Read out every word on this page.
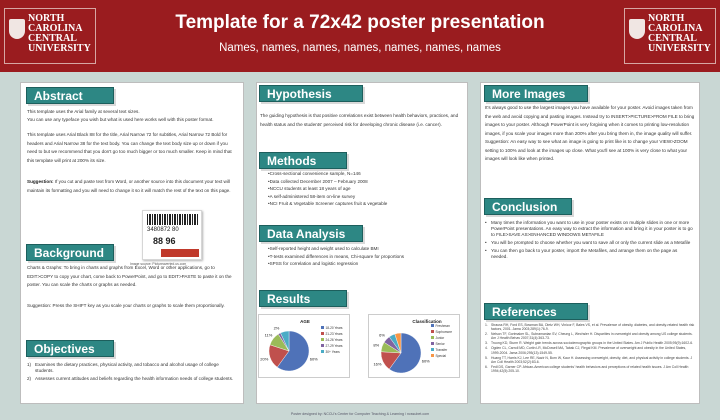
NORTH CAROLINA CENTRAL UNIVERSITY
Template for a 72x42 poster presentation
Names, names, names, names, names, names, names
NORTH CAROLINA CENTRAL UNIVERSITY
Abstract
This template uses the Arial family at several text sizes.
You can use any typeface you wish but what is used here works well with this poster format.
This template uses Arial Black 88 for the title, Arial Narrow 72 for subtitles, Arial Narrow 72 Bold for headers and Arial Narrow 38 for the text body. You can change the text body size up or down if you need to but we recommend that you don't go too much bigger or too much smaller. Keep in mind that this template will print at 200% its size.
Suggestion: If you cut and paste text from Word, or another source into this document your text will maintain its formatting and you will need to change it so it will match the rest of the text on this page.
3480872 80
88 96
Image source: Pictureaverted.us.com
Background
Charts & Graphs: To bring in charts and graphs from Excel, Word or other applications, go to EDIT>COPY to copy your chart, come back to PowerPoint, and go to EDIT>PASTE to paste it on the poster. You can scale the charts or graphs as needed.
Suggestion: Press the SHIFT key as you scale your charts or graphs to scale them proportionally.
Objectives
1) Examines the dietary practices, physical activity, and tobacco and alcohol usage of college students.
2) Assesses current attitudes and beliefs regarding the health information needs of college students.
Hypothesis
The guiding hypothesis is that positive correlations exist between health behaviors, practices, and health status and the students' perceived risk for developing chronic disease (i.e. cancer).
Methods
• Cross-sectional convenience sample, N=146
• Data collected December 2007 – February 2008
• NCCU students at least 18 years of age
• A self-administered 58-item on-line survey
• NCI Fruit & Vegetable Screener captures fruit & vegetable
Data Analysis
• Self-reported height and weight used to calculate BMI
• T-tests examined differences in means, Chi-square for proportions
• SPSS for correlation and logistic regression
Results
AGE
60%
20%
11%
2%	18-20 Years
21-23 Years
24-26 Years
27-29 Years
30+ Years
Classification
60%
16%
8%
6%
Freshman
Sophomore
Junior
Senior
Transfer
Special
More Images
It's always good to use the largest images you have available for your poster. Avoid images taken from the web and avoid copying and pasting images. Instead try to INSERT>PICTURE>FROM FILE to bring images to your poster. Although PowerPoint is very forgiving when it comes to printing low-resolution images, if you scale your images more than 200% after you bring them in, the image quality will suffer. Suggestion: An easy way to see what an image is going to print like is to change your VIEW>ZOOM setting to 100% and look at the images up close. What you'll see at 100% is very close to what your images will look like when printed.
Conclusion
• Many times the information you want to use in your poster exists on multiple slides in one or more PowerPoint presentations. An easy way to extract the information and bring it in your poster is to go to FILE>SAVE AS>ENHANCED WINDOWS METAFILE
• You will be prompted to choose whether you want to save all or only the current slide as a Metafile
• You can then go back to your poster, import the Metafiles, and arrange them on the page as needed.
References
1. Strauss RH, Ford ES, Bowman BA, Dietz WH, Vinicor F, Bales VS, et al. Prevalence of obesity, diabetes, and obesity-related health risk factors, 2001. Jama 2003;289(1):76-9.
2. Nelson TF, Gortmaker SL, Subramanian SV, Cheung L, Wechsler H. Disparities in overweight and obesity among US college students. Am J Health Behav 2007;31(4):363-73.
3. Truong KD, Sturm R. Weight gain trends across sociodemographic groups in the United States. Am J Public Health 2005;95(9):1602-6.
4. Ogden CL, Carroll MD, Curtin LR, McDowell MA, Tabak CJ, Flegal KM. Prevalence of overweight and obesity in the United States, 1999-2004. Jama 2006;295(13):1549-55.
5. Huang TT, Harris KJ, Lee RE, Nazir N, Born W, Kaur H. Assessing overweight, obesity, diet, and physical activity in college students. J Am Coll Health 2003;52(2):83-6.
6. Fedl DS, Garner CP. African-American college students' health behaviors and perceptions of related health issues. J Am Coll Health 1994;42(5):205-10.
Poster designed by: NCCU's Center for Computer Teaching & Learning / ncssubet.com
